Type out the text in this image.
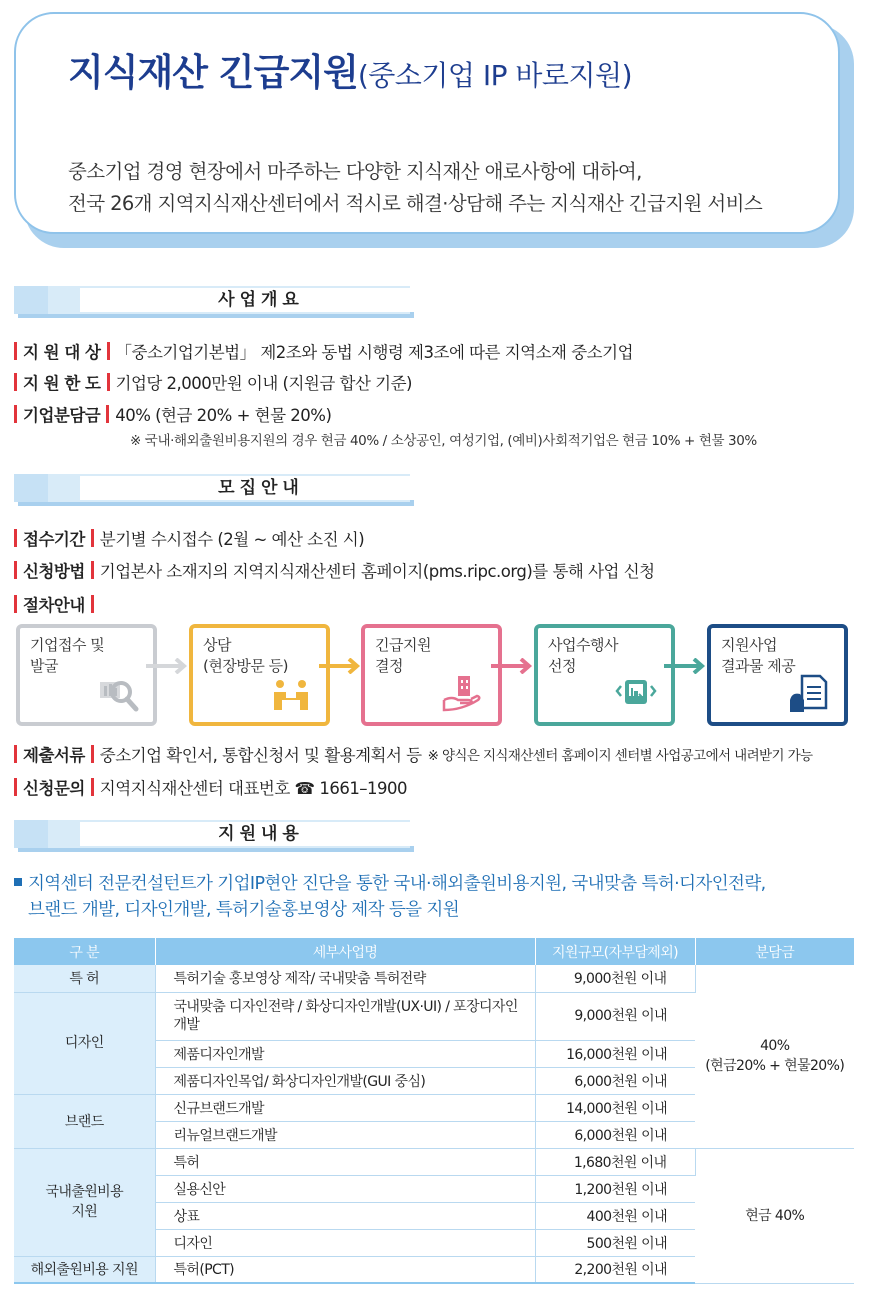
지식재산 긴급지원(중소기업 IP 바로지원)
중소기업 경영 현장에서 마주하는 다양한 지식재산 애로사항에 대하여,
전국 26개 지역지식재산센터에서 적시로 해결·상담해 주는 지식재산 긴급지원 서비스
사업개요
지 원 대 상 「중소기업기본법」 제2조와 동법 시행령 제3조에 따른 지역소재 중소기업
지 원 한 도 기업당 2,000만원 이내 (지원금 합산 기준)
기업분담금 40% (현금 20% + 현물 20%)
※ 국내·해외출원비용지원의 경우 현금 40% / 소상공인, 여성기업, (예비)사회적기업은 현금 10% + 현물 30%
모집안내
접수기간 분기별 수시접수 (2월 ~ 예산 소진 시)
신청방법 기업본사 소재지의 지역지식재산센터 홈페이지(pms.ripc.org)를 통해 사업 신청
절차안내
기업접수 및
발굴
상담
(현장방문 등)
긴급지원
결정
사업수행사
선정
지원사업
결과물 제공
제출서류 중소기업 확인서, 통합신청서 및 활용계획서 등 ※ 양식은 지식재산센터 홈페이지 센터별 사업공고에서 내려받기 가능
신청문의 지역지식재산센터 대표번호 ☎ 1661–1900
지원내용
지역센터 전문컨설턴트가 기업IP현안 진단을 통한 국내·해외출원비용지원, 국내맞춤 특허·디자인전략,
브랜드 개발, 디자인개발, 특허기술홍보영상 제작 등을 지원
구 분	세부사업명	지원규모(자부담제외)	분담금
특 허	특허기술 홍보영상 제작/ 국내맞춤 특허전략	9,000천원 이내	40%
(현금20% + 현물20%)

디자인	국내맞춤 디자인전략 / 화상디자인개발(UX·UI) / 포장디자인개발	9,000천원 이내	
	제품디자인개발	16,000천원 이내	
	제품디자인목업/ 화상디자인개발(GUI 중심)	6,000천원 이내	
브랜드	신규브랜드개발	14,000천원 이내	
	리뉴얼브랜드개발	6,000천원 이내	
국내출원비용
지원	특허	1,680천원 이내	현금 40%
	실용신안	1,200천원 이내	
	상표	400천원 이내	
	디자인	500천원 이내	
해외출원비용 지원	특허(PCT)	2,200천원 이내	
